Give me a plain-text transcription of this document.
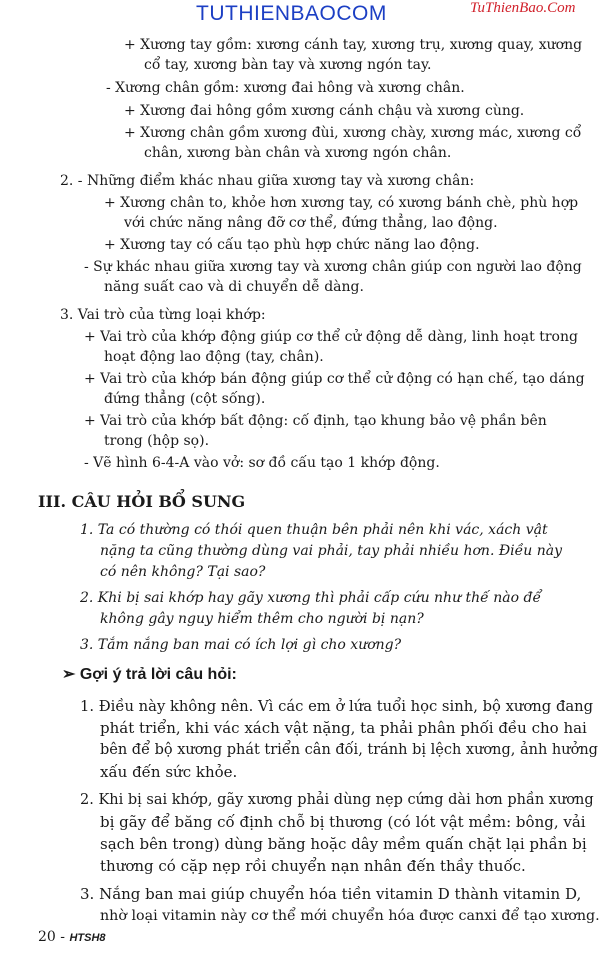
TUTHIENBAOCOM	TuThienBao.Com
+ Xương tay gồm: xương cánh tay, xương trụ, xương quay, xương
cổ tay, xương bàn tay và xương ngón tay.
- Xương chân gồm: xương đai hông và xương chân.
+ Xương đai hông gồm xương cánh chậu và xương cùng.
+ Xương chân gồm xương đùi, xương chày, xương mác, xương cổ
chân, xương bàn chân và xương ngón chân.
2. - Những điểm khác nhau giữa xương tay và xương chân:
+ Xương chân to, khỏe hơn xương tay, có xương bánh chè, phù hợp
với chức năng nâng đỡ cơ thể, đứng thẳng, lao động.
+ Xương tay có cấu tạo phù hợp chức năng lao động.
- Sự khác nhau giữa xương tay và xương chân giúp con người lao động
năng suất cao và di chuyển dễ dàng.
3. Vai trò của từng loại khớp:
+ Vai trò của khớp động giúp cơ thể cử động dễ dàng, linh hoạt trong
hoạt động lao động (tay, chân).
+ Vai trò của khớp bán động giúp cơ thể cử động có hạn chế, tạo dáng
đứng thẳng (cột sống).
+ Vai trò của khớp bất động: cố định, tạo khung bảo vệ phần bên
trong (hộp sọ).
- Vẽ hình 6-4-A vào vở: sơ đồ cấu tạo 1 khớp động.
III. CÂU HỎI BỔ SUNG
1. Ta có thường có thói quen thuận bên phải nên khi vác, xách vật
nặng ta cũng thường dùng vai phải, tay phải nhiều hơn. Điều này
có nên không? Tại sao?
2. Khi bị sai khớp hay gãy xương thì phải cấp cứu như thế nào để
không gây nguy hiểm thêm cho người bị nạn?
3. Tắm nắng ban mai có ích lợi gì cho xương?
➢ Gợi ý trả lời câu hỏi:
1. Điều này không nên. Vì các em ở lứa tuổi học sinh, bộ xương đang
phát triển, khi vác xách vật nặng, ta phải phân phối đều cho hai
bên để bộ xương phát triển cân đối, tránh bị lệch xương, ảnh hưởng
xấu đến sức khỏe.
2. Khi bị sai khớp, gãy xương phải dùng nẹp cứng dài hơn phần xương
bị gãy để băng cố định chỗ bị thương (có lót vật mềm: bông, vải
sạch bên trong) dùng băng hoặc dây mềm quấn chặt lại phần bị
thương có cặp nẹp rồi chuyển nạn nhân đến thầy thuốc.
3. Nắng ban mai giúp chuyển hóa tiền vitamin D thành vitamin D,
nhờ loại vitamin này cơ thể mới chuyển hóa được canxi để tạo xương.
20 - HTSH8
